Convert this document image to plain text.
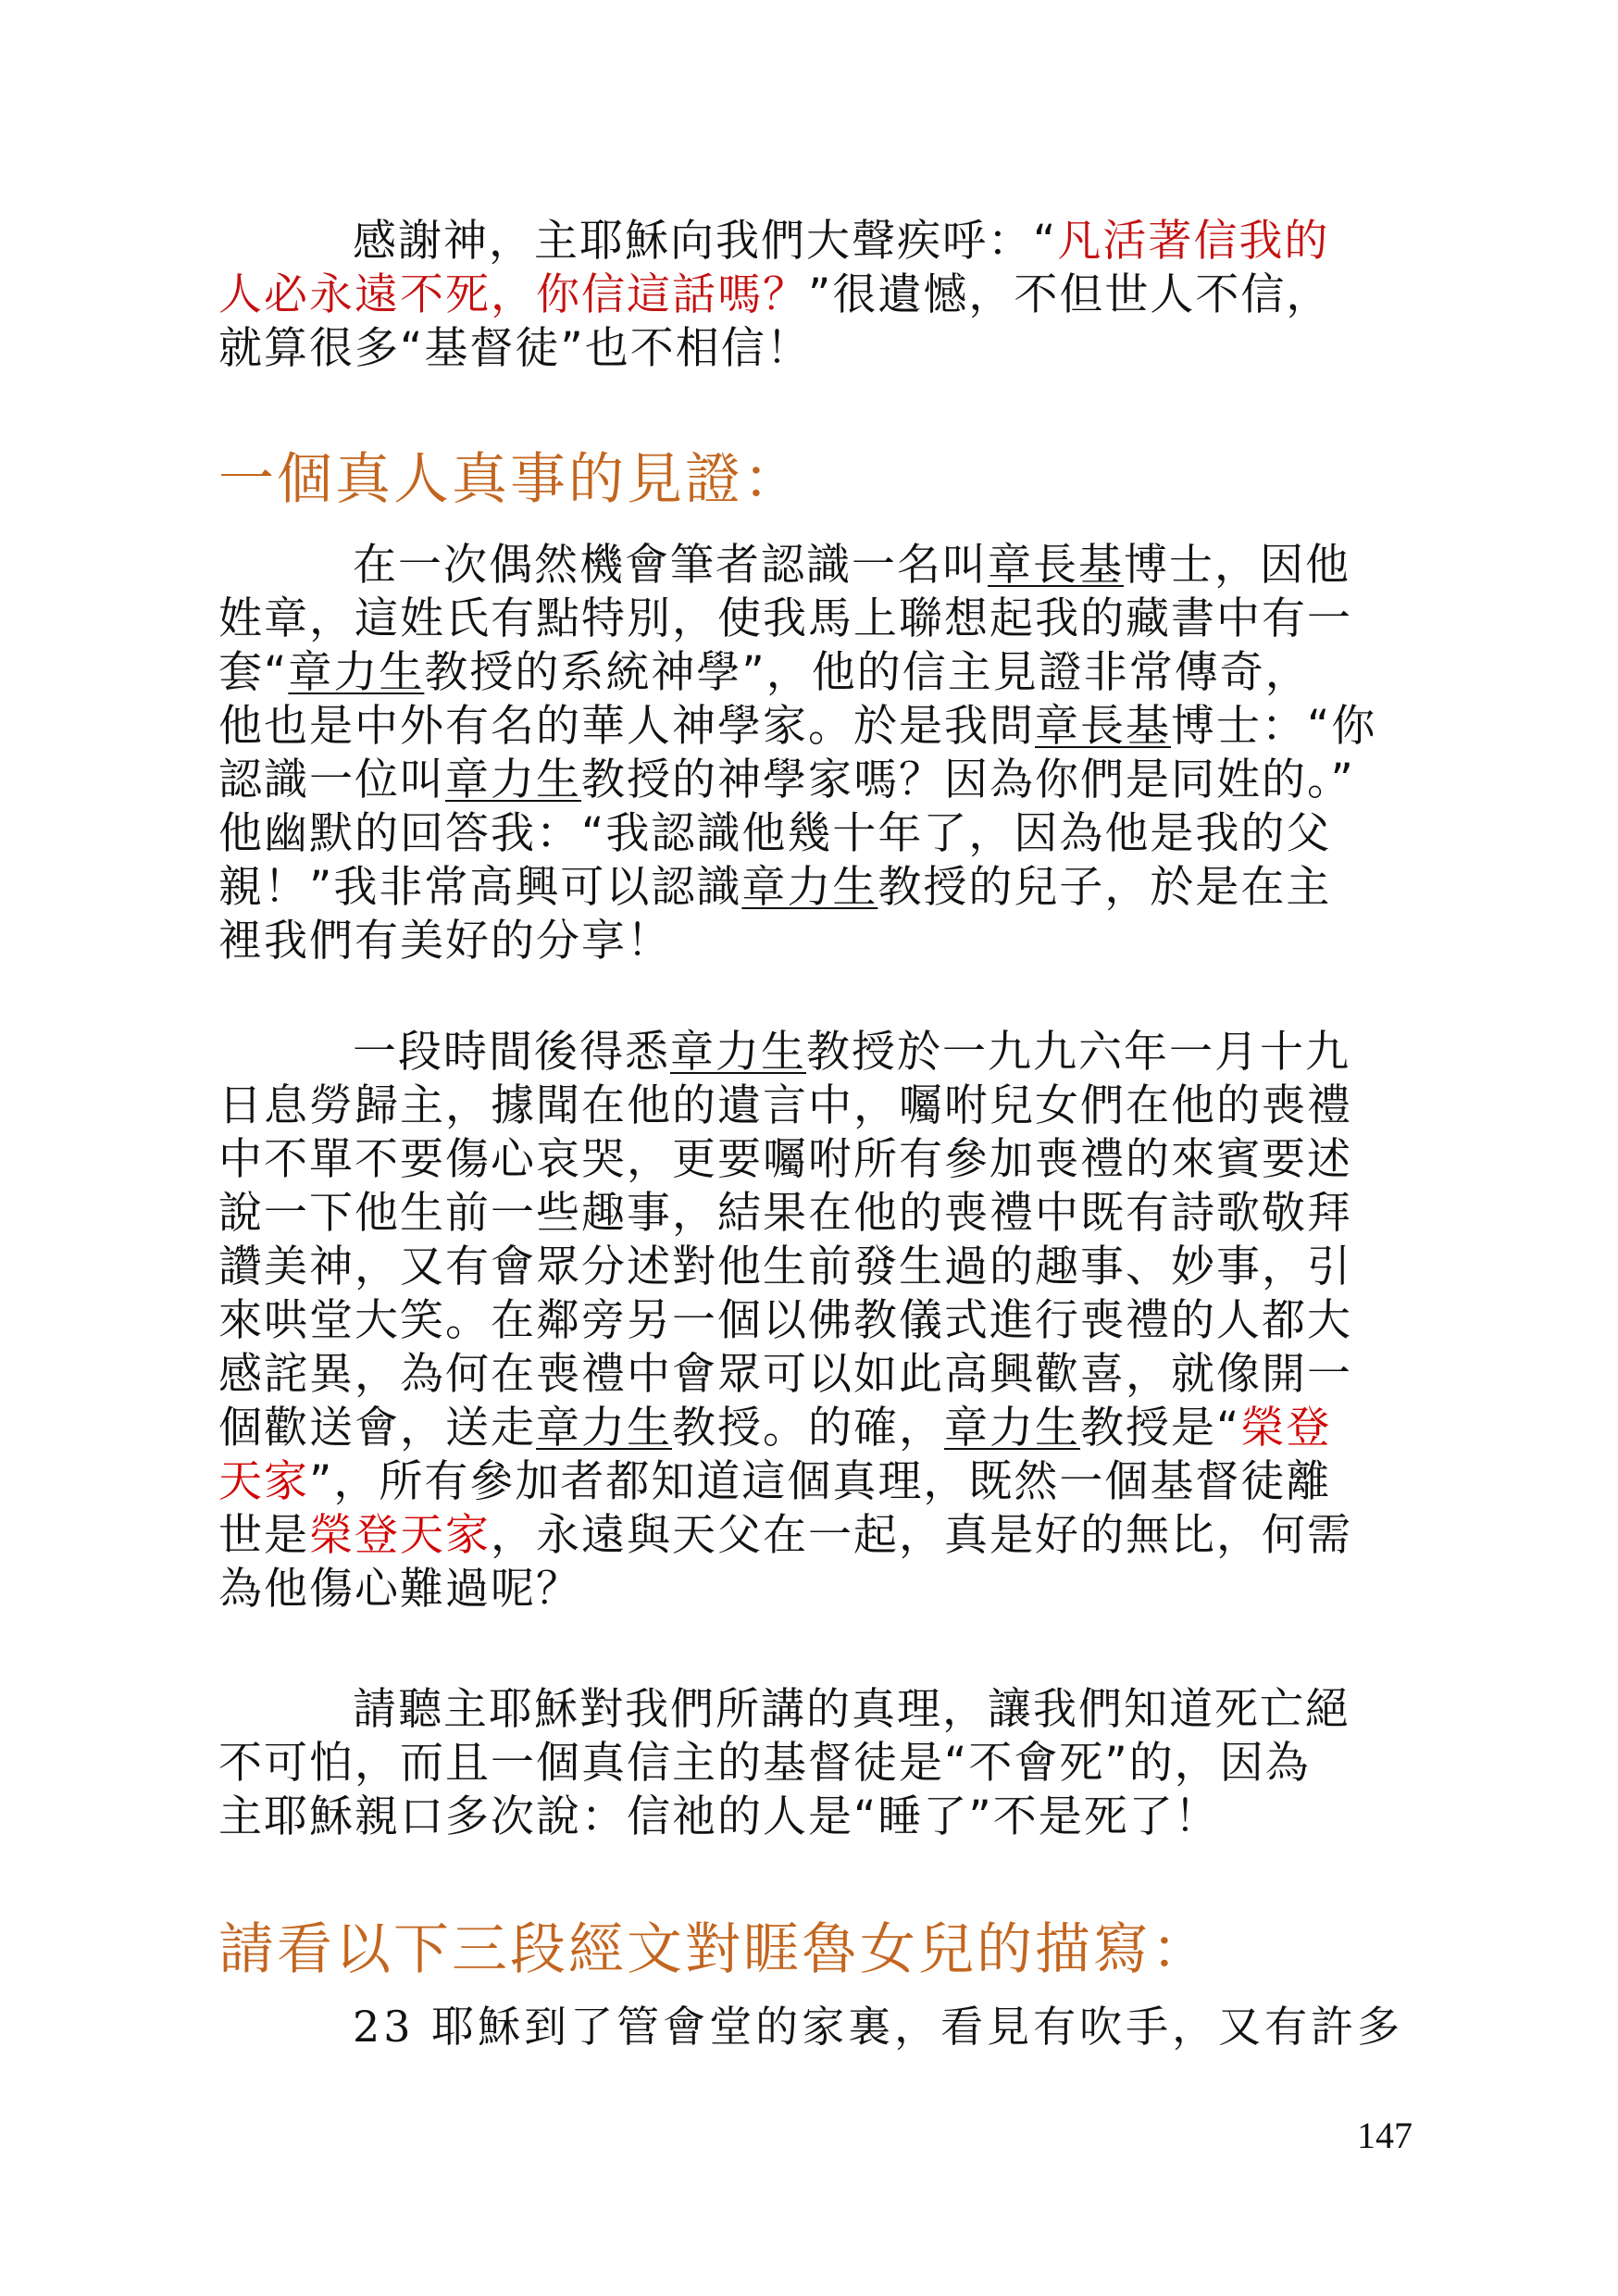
感謝神，主耶穌向我們大聲疾呼：“凡活著信我的
人必永遠不死，你信這話嗎？”很遺憾，不但世人不信，
就算很多“基督徒”也不相信！
一個真人真事的見證：
在一次偶然機會筆者認識一名叫章長基博士，因他
姓章，這姓氏有點特別，使我馬上聯想起我的藏書中有一
套“章力生教授的系統神學”，他的信主見證非常傳奇，
他也是中外有名的華人神學家。於是我問章長基博士：“你
認識一位叫章力生教授的神學家嗎？因為你們是同姓的。”
他幽默的回答我：“我認識他幾十年了，因為他是我的父
親！”我非常高興可以認識章力生教授的兒子，於是在主
裡我們有美好的分享！
一段時間後得悉章力生教授於一九九六年一月十九
日息勞歸主，據聞在他的遺言中，囑咐兒女們在他的喪禮
中不單不要傷心哀哭，更要囑咐所有參加喪禮的來賓要述
說一下他生前一些趣事，結果在他的喪禮中既有詩歌敬拜
讚美神，又有會眾分述對他生前發生過的趣事、妙事，引
來哄堂大笑。在鄰旁另一個以佛教儀式進行喪禮的人都大
感詫異，為何在喪禮中會眾可以如此高興歡喜，就像開一
個歡送會，送走章力生教授。的確，章力生教授是“榮登
天家”，所有參加者都知道這個真理，既然一個基督徒離
世是榮登天家，永遠與天父在一起，真是好的無比，何需
為他傷心難過呢？
請聽主耶穌對我們所講的真理，讓我們知道死亡絕
不可怕，而且一個真信主的基督徒是“不會死”的，因為
主耶穌親口多次說：信祂的人是“睡了”不是死了！
請看以下三段經文對睚魯女兒的描寫：
23 耶穌到了管會堂的家裏，看見有吹手，又有許多
147
